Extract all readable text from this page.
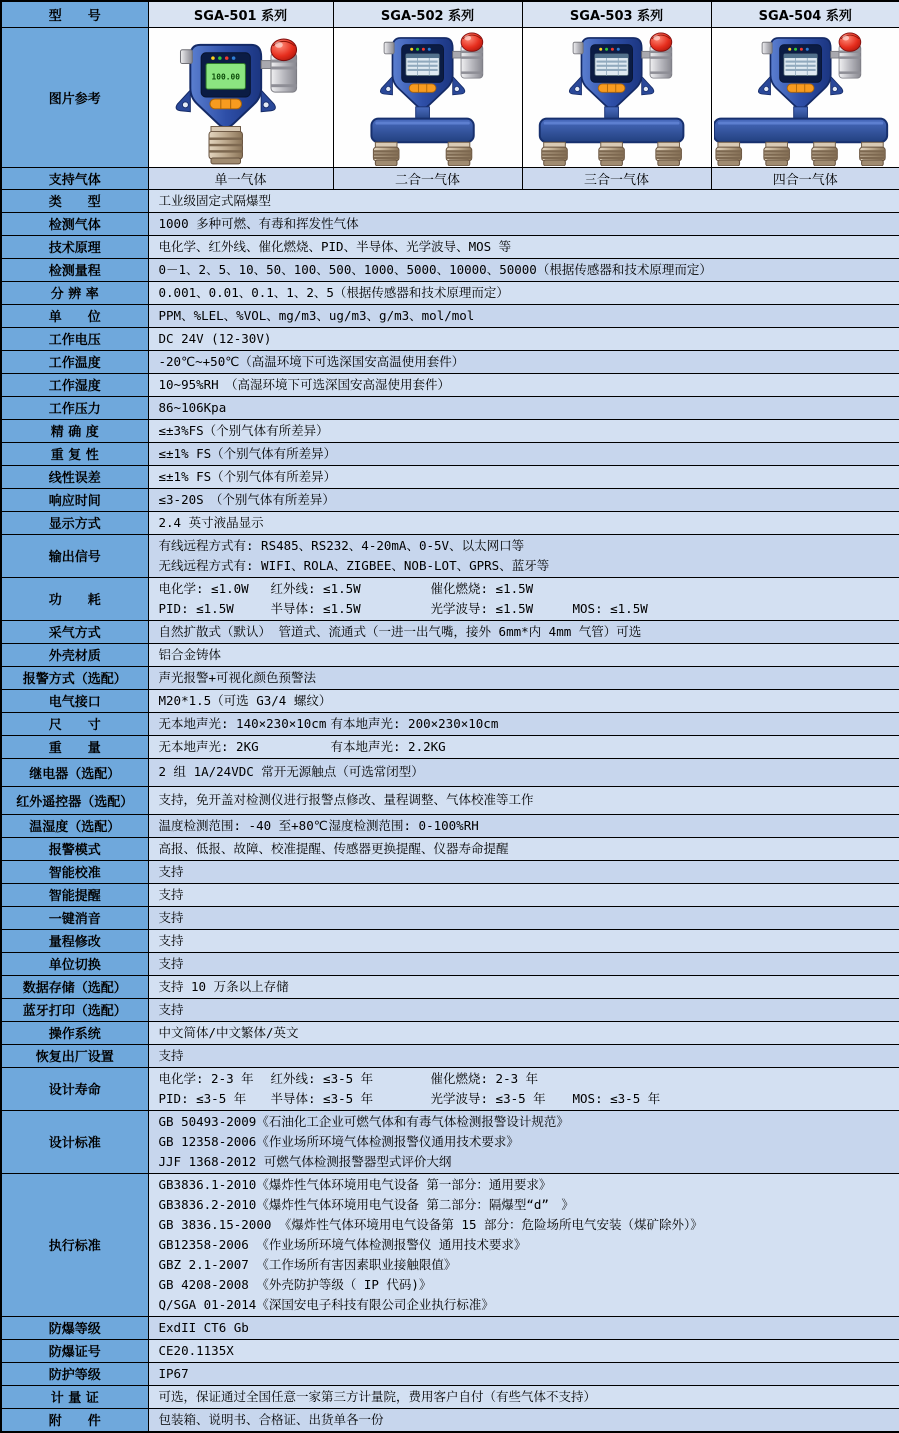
型　　号	SGA-501 系列	SGA-502 系列	SGA-503 系列	SGA-504 系列
图片参考	100.00

支持气体	单一气体	二合一气体	三合一气体	四合一气体
类　　型	工业级固定式隔爆型			

检测气体	1000 多种可燃、有毒和挥发性气体			

技术原理	电化学、红外线、催化燃烧、PID、半导体、光学波导、MOS 等			

检测量程	0－1、2、5、10、50、100、500、1000、5000、10000、50000（根据传感器和技术原理而定）			

分 辨 率	0.001、0.01、0.1、1、2、5（根据传感器和技术原理而定）			

单　　位	PPM、%LEL、%VOL、mg/m3、ug/m3、g/m3、mol/mol			

工作电压	DC 24V (12-30V)			

工作温度	-20℃~+50℃（高温环境下可选深国安高温使用套件）			

工作湿度	10~95%RH　（高湿环境下可选深国安高湿使用套件）			

工作压力	86~106Kpa			

精 确 度	≤±3%FS（个别气体有所差异）			

重 复 性	≤±1% FS（个别气体有所差异）			

线性误差	≤±1% FS（个别气体有所差异）			

响应时间	≤3-20S　（个别气体有所差异）			

显示方式	2.4 英寸液晶显示			

输出信号	有线远程方式有: RS485、RS232、4-20mA、0-5V、以太网口等
无线远程方式有: WIFI、ROLA、ZIGBEE、NOB-LOT、GPRS、蓝牙等			

功　　耗	电化学: ≤1.0W 红外线: ≤1.5W 催化燃烧: ≤1.5W
PID: ≤1.5W 半导体: ≤1.5W 光学波导: ≤1.5W MOS: ≤1.5W			

采气方式	自然扩散式（默认） 管道式、流通式（一进一出气嘴，接外 6mm*内 4mm 气管）可选			

外壳材质	铝合金铸体			

报警方式（选配）	声光报警+可视化颜色预警法			

电气接口	M20*1.5（可选 G3/4 螺纹）			

尺　　寸	无本地声光: 140×230×10cm 有本地声光: 200×230×10cm			

重　　量	无本地声光: 2KG 有本地声光: 2.2KG			

继电器（选配）	2 组 1A/24VDC 常开无源触点（可选常闭型）			

红外遥控器（选配）	支持，免开盖对检测仪进行报警点修改、量程调整、气体校准等工作			

温湿度（选配）	温度检测范围: -40 至+80℃湿度检测范围: 0-100%RH			

报警模式	高报、低报、故障、校准提醒、传感器更换提醒、仪器寿命提醒			

智能校准	支持			

智能提醒	支持			

一键消音	支持			

量程修改	支持			

单位切换	支持			

数据存储（选配）	支持 10 万条以上存储			

蓝牙打印（选配）	支持			

操作系统	中文简体/中文繁体/英文			

恢复出厂设置	支持			

设计寿命	电化学: 2-3 年 红外线: ≤3-5 年 催化燃烧: 2-3 年
PID: ≤3-5 年 半导体: ≤3-5 年 光学波导: ≤3-5 年 MOS: ≤3-5 年			

设计标准	GB 50493-2009《石油化工企业可燃气体和有毒气体检测报警设计规范》
GB 12358-2006《作业场所环境气体检测报警仪通用技术要求》
JJF 1368-2012 可燃气体检测报警器型式评价大纲			

执行标准	
GB3836.1-2010《爆炸性气体环境用电气设备 第一部分：通用要求》
GB3836.2-2010《爆炸性气体环境用电气设备 第二部分：隔爆型“d”　》
GB 3836.15-2000 《爆炸性气体环境用电气设备第 15 部分：危险场所电气安装（煤矿除外）》
GB12358-2006 《作业场所环境气体检测报警仪 通用技术要求》
GBZ 2.1-2007 《工作场所有害因素职业接触限值》
GB 4208-2008 《外壳防护等级（ IP 代码)》
Q/SGA 01-2014《深国安电子科技有限公司企业执行标准》

防爆等级	ExdII CT6 Gb			

防爆证号	CE20.1135X			

防护等级	IP67			

计 量 证	可选，保证通过全国任意一家第三方计量院，费用客户自付（有些气体不支持）			

附　　件	包装箱、说明书、合格证、出货单各一份			
